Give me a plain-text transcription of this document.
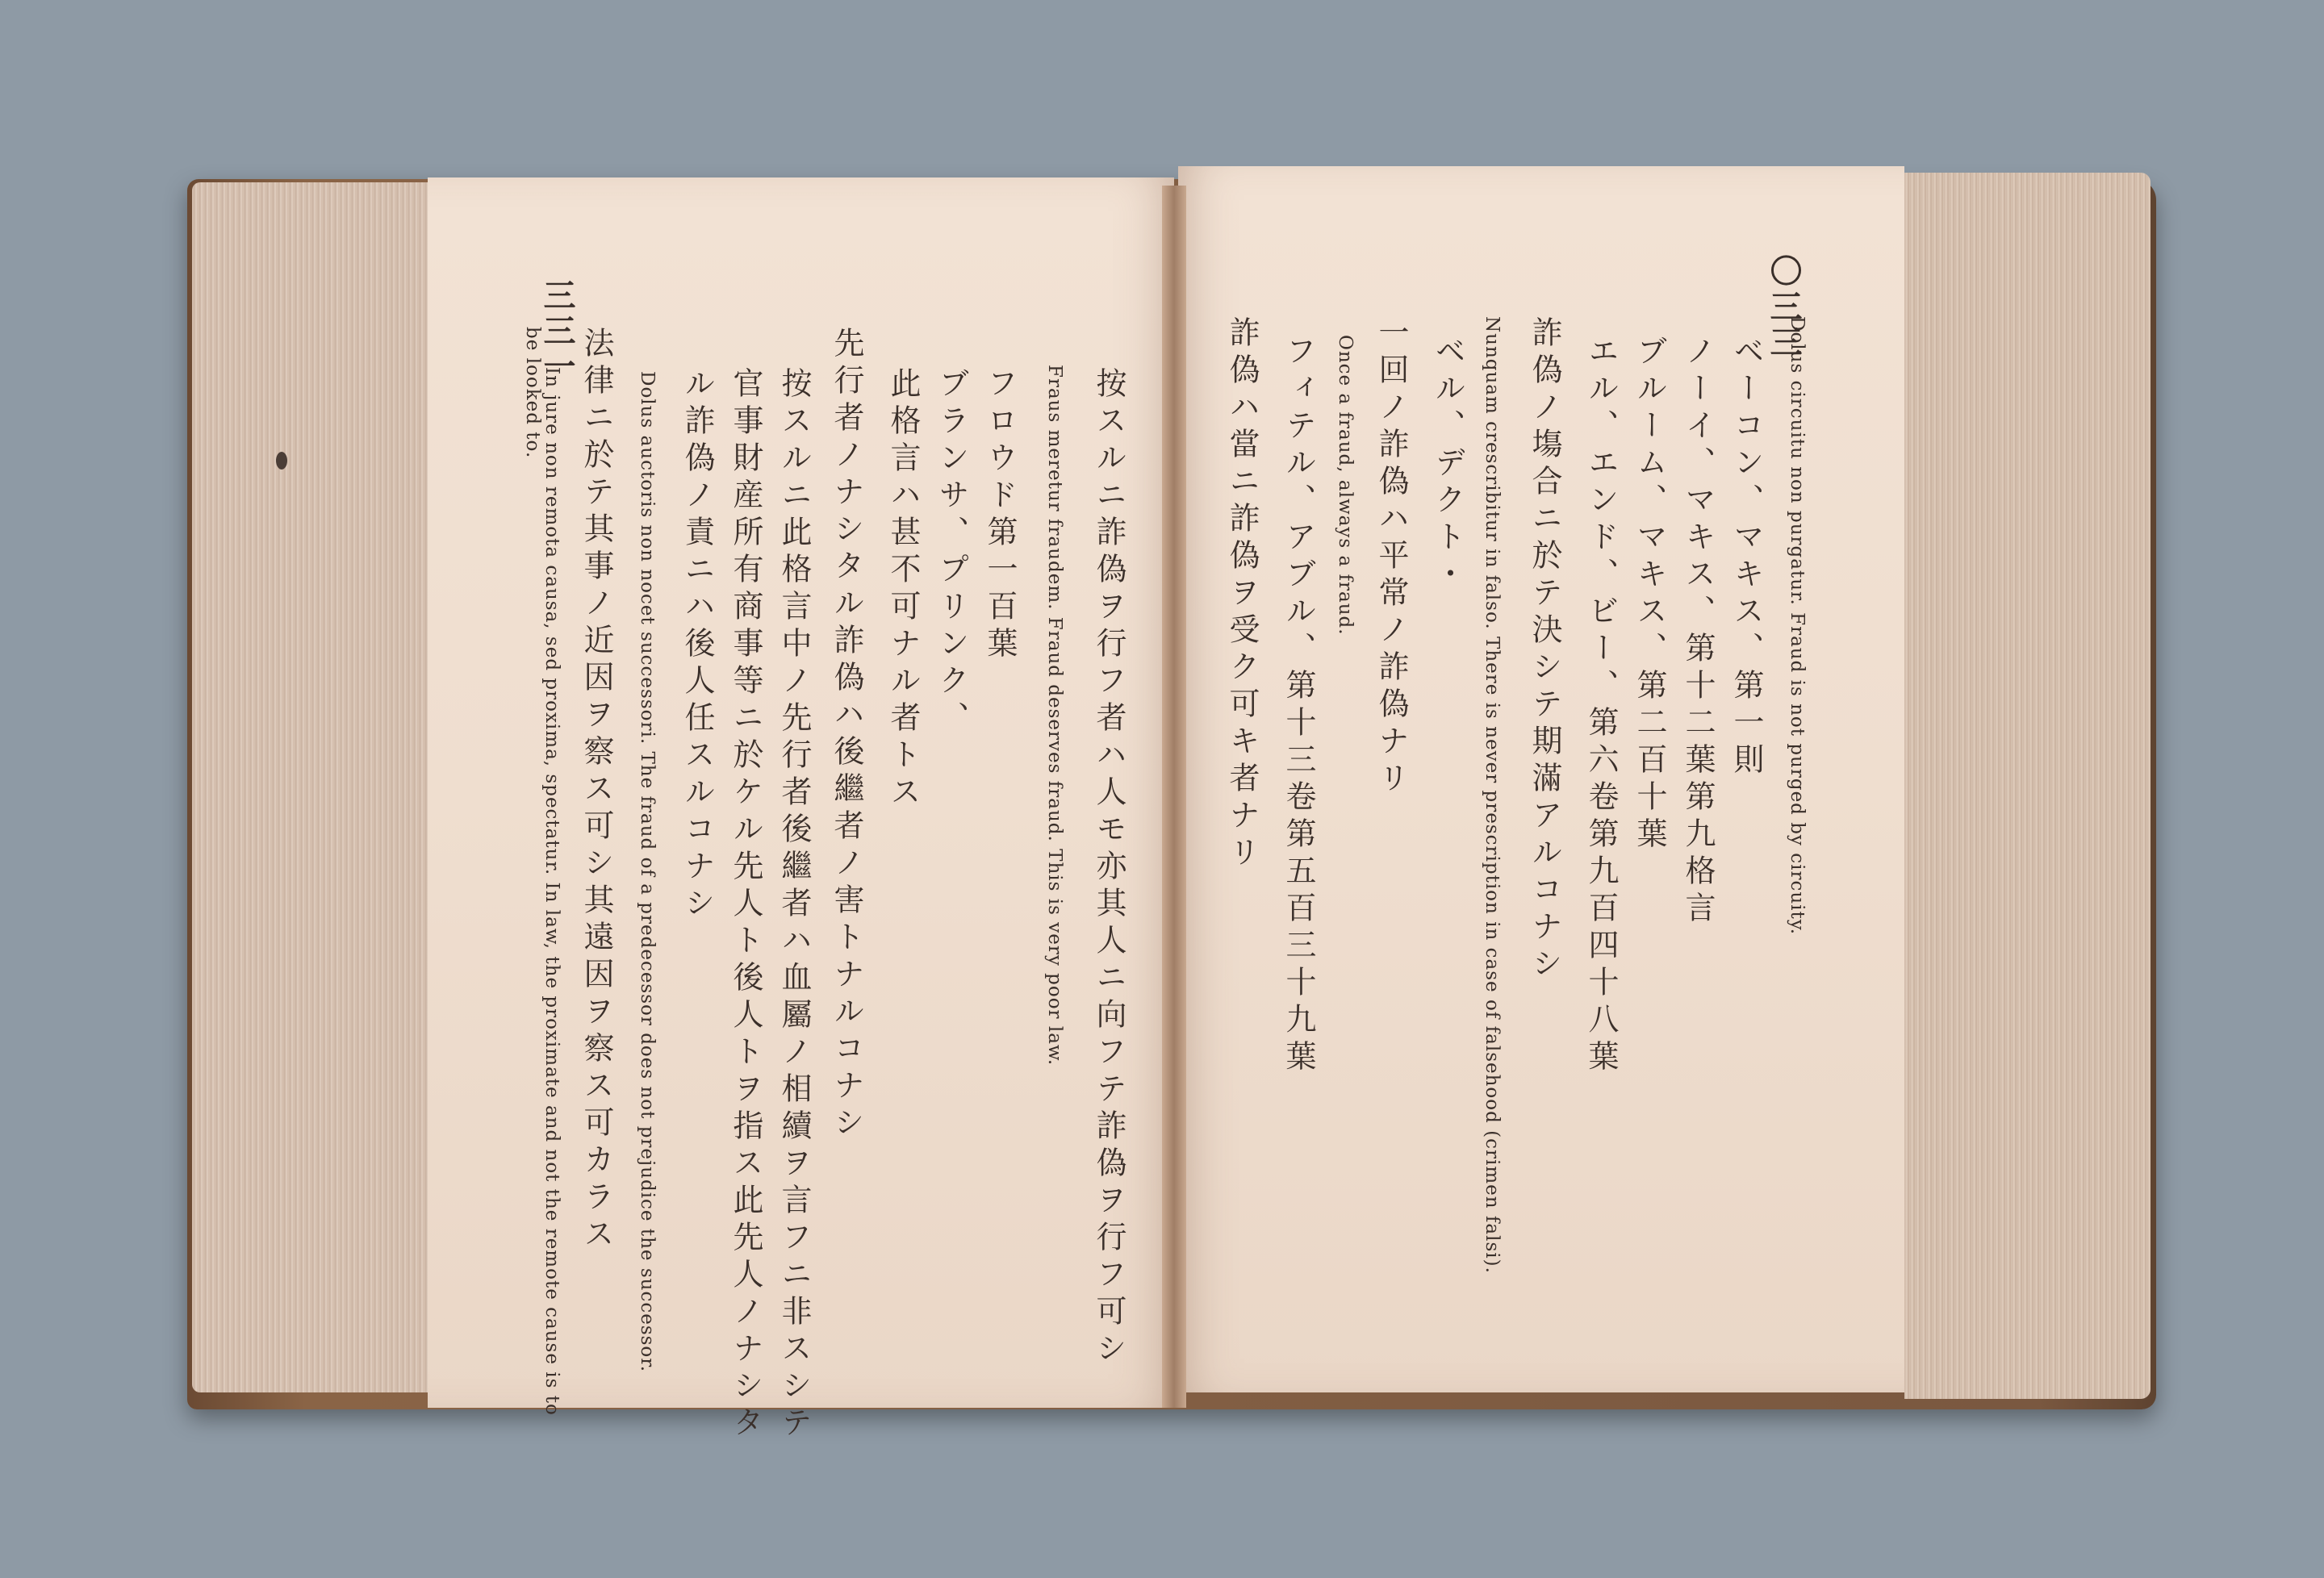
三三一
按スルニ詐偽ヲ行フ者ハ人モ亦其人ニ向フテ詐偽ヲ行フ可シ
Fraus meretur fraudem. Fraud deserves fraud. This is very poor law.
フロウド第一百葉
ブランサ、プリンク、
此格言ハ甚不可ナル者トス
先行者ノナシタル詐偽ハ後繼者ノ害トナルコナシ
按スルニ此格言中ノ先行者後繼者ハ血屬ノ相續ヲ言フニ非スシテ
官事財産所有商事等ニ於ケル先人ト後人トヲ指ス此先人ノナシタ
ル詐偽ノ責ニハ後人任スルコナシ
Dolus auctoris non nocet successori. The fraud of a predecessor does not prejudice the successor.
法律ニ於テ其事ノ近因ヲ察ス可シ其遠因ヲ察ス可カラス
In jure non remota causa, sed proxima, spectatur. In law, the proximate and not the remote cause is to
be looked to.
〇三三
Dolus circuitu non purgatur. Fraud is not purged by circuity.
ベーコン、マキス、第一則
ノーイ、マキス、第十二葉第九格言
ブルーム、マキス、第二百十葉
エル、エンド、ビー、第六卷第九百四十八葉
詐偽ノ塲合ニ於テ決シテ期滿アルコナシ
Nunquam crescribitur in falso. There is never prescription in case of falsehood (crimen falsi).
ベル、デクト・
一回ノ詐偽ハ平常ノ詐偽ナリ
Once a fraud, always a fraud.
フィテル、アブル、第十三卷第五百三十九葉
詐偽ハ當ニ詐偽ヲ受ク可キ者ナリ
